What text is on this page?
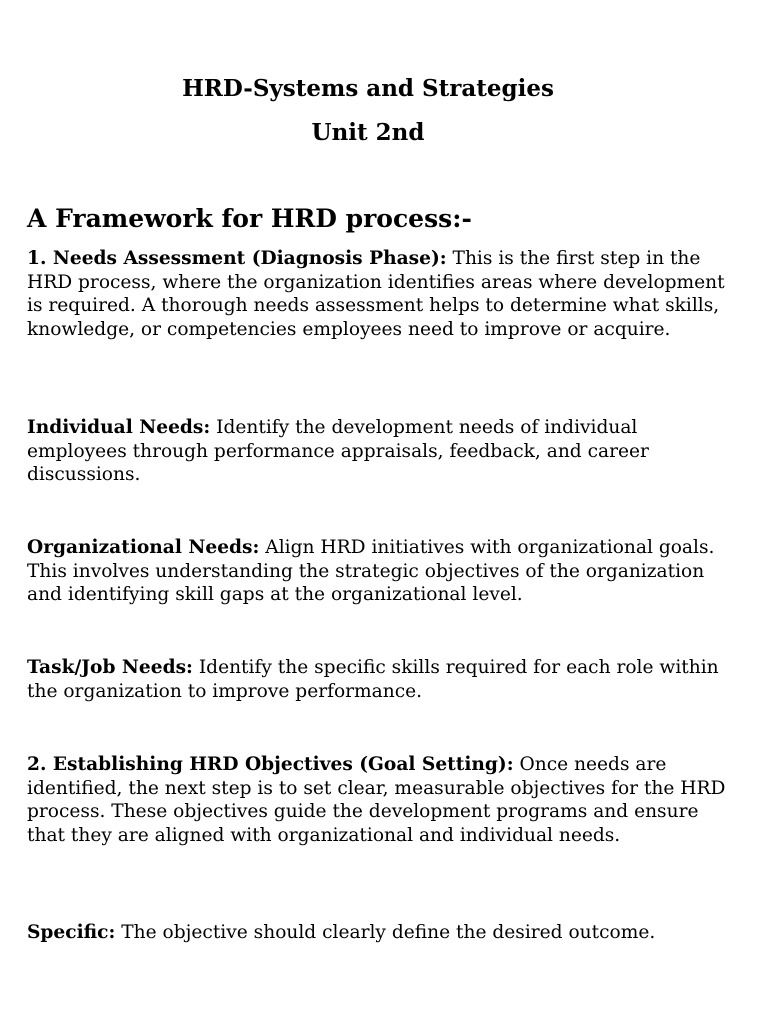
HRD-Systems and Strategies
Unit 2nd
A Framework for HRD process:-

1. Needs Assessment (Diagnosis Phase): This is the first step in the HRD process, where the organization identifies areas where development is required. A thorough needs assessment helps to determine what skills, knowledge, or competencies employees need to improve or acquire.

Individual Needs: Identify the development needs of individual employees through performance appraisals, feedback, and career discussions.

Organizational Needs: Align HRD initiatives with organizational goals. This involves understanding the strategic objectives of the organization and identifying skill gaps at the organizational level.

Task/Job Needs: Identify the specific skills required for each role within the organization to improve performance.

2. Establishing HRD Objectives (Goal Setting): Once needs are identified, the next step is to set clear, measurable objectives for the HRD process. These objectives guide the development programs and ensure that they are aligned with organizational and individual needs.

Specific: The objective should clearly define the desired outcome.
